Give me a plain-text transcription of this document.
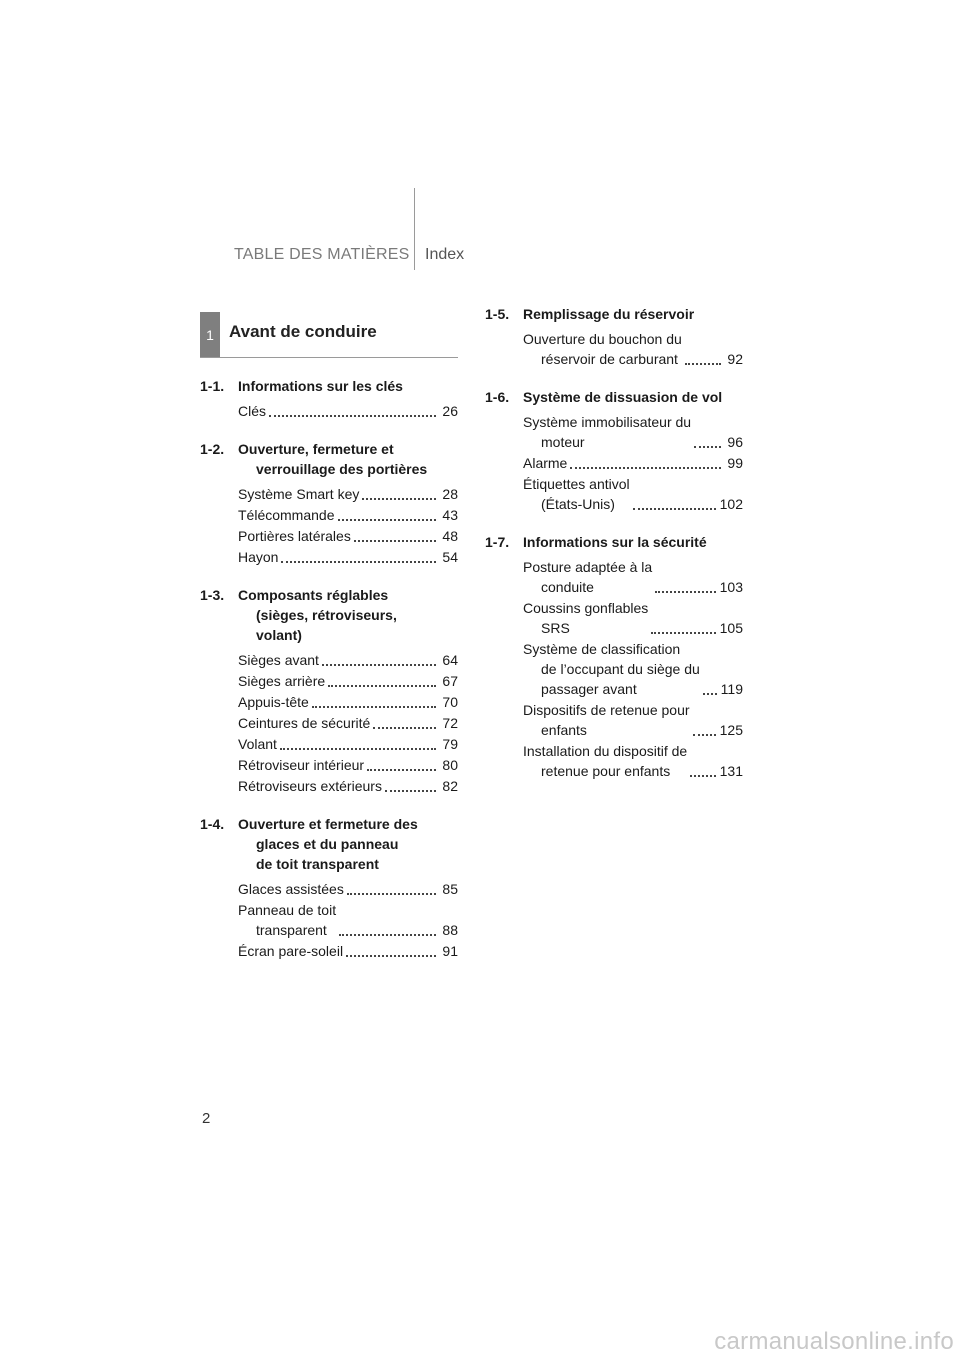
TABLE DES MATIÈRES Index
1 Avant de conduire
1-1. Informations sur les clés
Clés	26
1-2. Ouverture, fermeture et
verrouillage des portières
Système Smart key	28
Télécommande	43
Portières latérales	48
Hayon	54
1-3. Composants réglables
(sièges, rétroviseurs,
volant)
Sièges avant	64
Sièges arrière	67
Appuis-tête	70
Ceintures de sécurité	72
Volant	79
Rétroviseur intérieur	80
Rétroviseurs extérieurs	82
1-4. Ouverture et fermeture des
glaces et du panneau
de toit transparent
Glaces assistées	85
Panneau de toit
transparent	88
Écran pare-soleil	91
1-5. Remplissage du réservoir
Ouverture du bouchon du
réservoir de carburant	92
1-6. Système de dissuasion de vol
Système immobilisateur du
moteur	96
Alarme	99
Étiquettes antivol
(États-Unis)	102
1-7. Informations sur la sécurité
Posture adaptée à la
conduite	103
Coussins gonflables
SRS	105
Système de classification
de l’occupant du siège du
passager avant	119
Dispositifs de retenue pour
enfants	125
Installation du dispositif de
retenue pour enfants	131
2
carmanualsonline.info
